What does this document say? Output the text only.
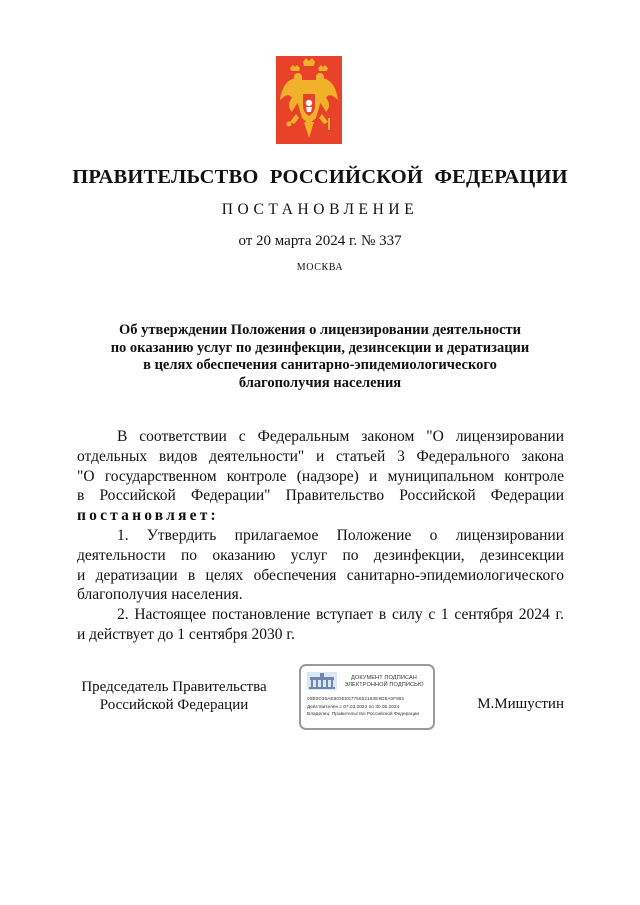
ПРАВИТЕЛЬСТВО РОССИЙСКОЙ ФЕДЕРАЦИИ
ПОСТАНОВЛЕНИЕ
от 20 марта 2024 г. № 337
МОСКВА
Об утверждении Положения о лицензировании деятельности
по оказанию услуг по дезинфекции, дезинсекции и дератизации
в целях обеспечения санитарно-эпидемиологического
благополучия населения
В соответствии с Федеральным законом "О лицензировании
отдельных видов деятельности" и статьей 3 Федерального закона
"О государственном контроле (надзоре) и муниципальном контроле
в Российской Федерации" Правительство Российской Федерации
постановляет:
1. Утвердить прилагаемое Положение о лицензировании
деятельности по оказанию услуг по дезинфекции, дезинсекции
и дератизации в целях обеспечения санитарно-эпидемиологического
благополучия населения.
2. Настоящее постановление вступает в силу с 1 сентября 2024 г.
и действует до 1 сентября 2030 г.
Председатель Правительства
Российской Федерации
ДОКУМЕНТ ПОДПИСАН
ЭЛЕКТРОННОЙ ПОДПИСЬЮ
00B0D38AE803EE6775652193E9D8A0F891
Действителен с 07.03.2023 по 30.05.2024
Владелец: Правительство Российской Федерации
М.Мишустин
